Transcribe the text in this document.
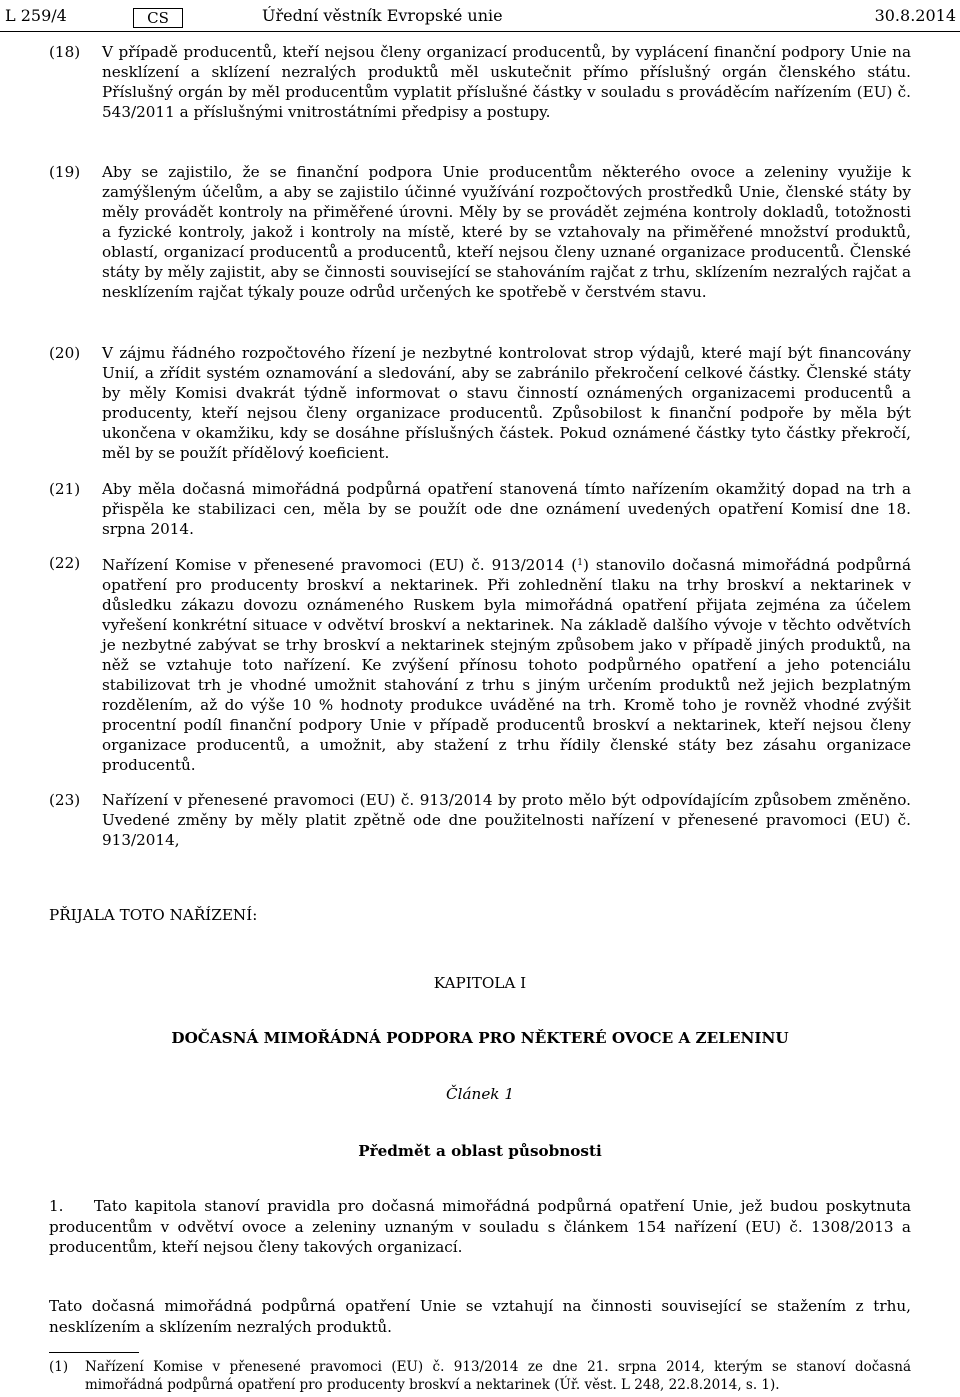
L 259/4	CS	Úřední věstník Evropské unie	30.8.2014
(18) V případě producentů, kteří nejsou členy organizací producentů, by vyplácení finanční podpory Unie na nesklízení a sklízení nezralých produktů měl uskutečnit přímo příslušný orgán členského státu. Příslušný orgán by měl producentům vyplatit příslušné částky v souladu s prováděcím nařízením (EU) č. 543/2011 a příslušnými vnitrostátními předpisy a postupy.
(19) Aby se zajistilo, že se finanční podpora Unie producentům některého ovoce a zeleniny využije k zamýšleným účelům, a aby se zajistilo účinné využívání rozpočtových prostředků Unie, členské státy by měly provádět kontroly na přiměřené úrovni. Měly by se provádět zejména kontroly dokladů, totožnosti a fyzické kontroly, jakož i kontroly na místě, které by se vztahovaly na přiměřené množství produktů, oblastí, organizací producentů a producentů, kteří nejsou členy uznané organizace producentů. Členské státy by měly zajistit, aby se činnosti související se stahováním rajčat z trhu, sklízením nezralých rajčat a nesklízením rajčat týkaly pouze odrůd určených ke spotřebě v čerstvém stavu.
(20) V zájmu řádného rozpočtového řízení je nezbytné kontrolovat strop výdajů, které mají být financovány Unií, a zřídit systém oznamování a sledování, aby se zabránilo překročení celkové částky. Členské státy by měly Komisi dvakrát týdně informovat o stavu činností oznámených organizacemi producentů a producenty, kteří nejsou členy organizace producentů. Způsobilost k finanční podpoře by měla být ukončena v okamžiku, kdy se dosáhne příslušných částek. Pokud oznámené částky tyto částky překročí, měl by se použít přídělový koeficient.
(21) Aby měla dočasná mimořádná podpůrná opatření stanovená tímto nařízením okamžitý dopad na trh a přispěla ke stabilizaci cen, měla by se použít ode dne oznámení uvedených opatření Komisí dne 18. srpna 2014.
(22) Nařízení Komise v přenesené pravomoci (EU) č. 913/2014 ($^1$) stanovilo dočasná mimořádná podpůrná opatření pro producenty broskví a nektarinek. Při zohlednění tlaku na trhy broskví a nektarinek v důsledku zákazu dovozu oznámeného Ruskem byla mimořádná opatření přijata zejména za účelem vyřešení konkrétní situace v odvětví broskví a nektarinek. Na základě dalšího vývoje v těchto odvětvích je nezbytné zabývat se trhy broskví a nektarinek stejným způsobem jako v případě jiných produktů, na něž se vztahuje toto nařízení. Ke zvýšení přínosu tohoto podpůrného opatření a jeho potenciálu stabilizovat trh je vhodné umožnit stahování z trhu s jiným určením produktů než jejich bezplatným rozdělením, až do výše 10 % hodnoty produkce uváděné na trh. Kromě toho je rovněž vhodné zvýšit procentní podíl finanční podpory Unie v případě producentů broskví a nektarinek, kteří nejsou členy organizace producentů, a umožnit, aby stažení z trhu řídily členské státy bez zásahu organizace producentů.
(23) Nařízení v přenesené pravomoci (EU) č. 913/2014 by proto mělo být odpovídajícím způsobem změněno. Uvedené změny by měly platit zpětně ode dne použitelnosti nařízení v přenesené pravomoci (EU) č. 913/2014,
PŘIJALA TOTO NAŘÍZENÍ:
KAPITOLA I
DOČASNÁ MIMOŘÁDNÁ PODPORA PRO NĚKTERÉ OVOCE A ZELENINU
Článek 1
Předmět a oblast působnosti
1.    Tato kapitola stanoví pravidla pro dočasná mimořádná podpůrná opatření Unie, jež budou poskytnuta producentům v odvětví ovoce a zeleniny uznaným v souladu s článkem 154 nařízení (EU) č. 1308/2013 a producentům, kteří nejsou členy takových organizací.
Tato dočasná mimořádná podpůrná opatření Unie se vztahují na činnosti související se stažením z trhu, nesklízením a sklízením nezralých produktů.
(1) Nařízení Komise v přenesené pravomoci (EU) č. 913/2014 ze dne 21. srpna 2014, kterým se stanoví dočasná mimořádná podpůrná opatření pro producenty broskví a nektarinek (Úř. věst. L 248, 22.8.2014, s. 1).
